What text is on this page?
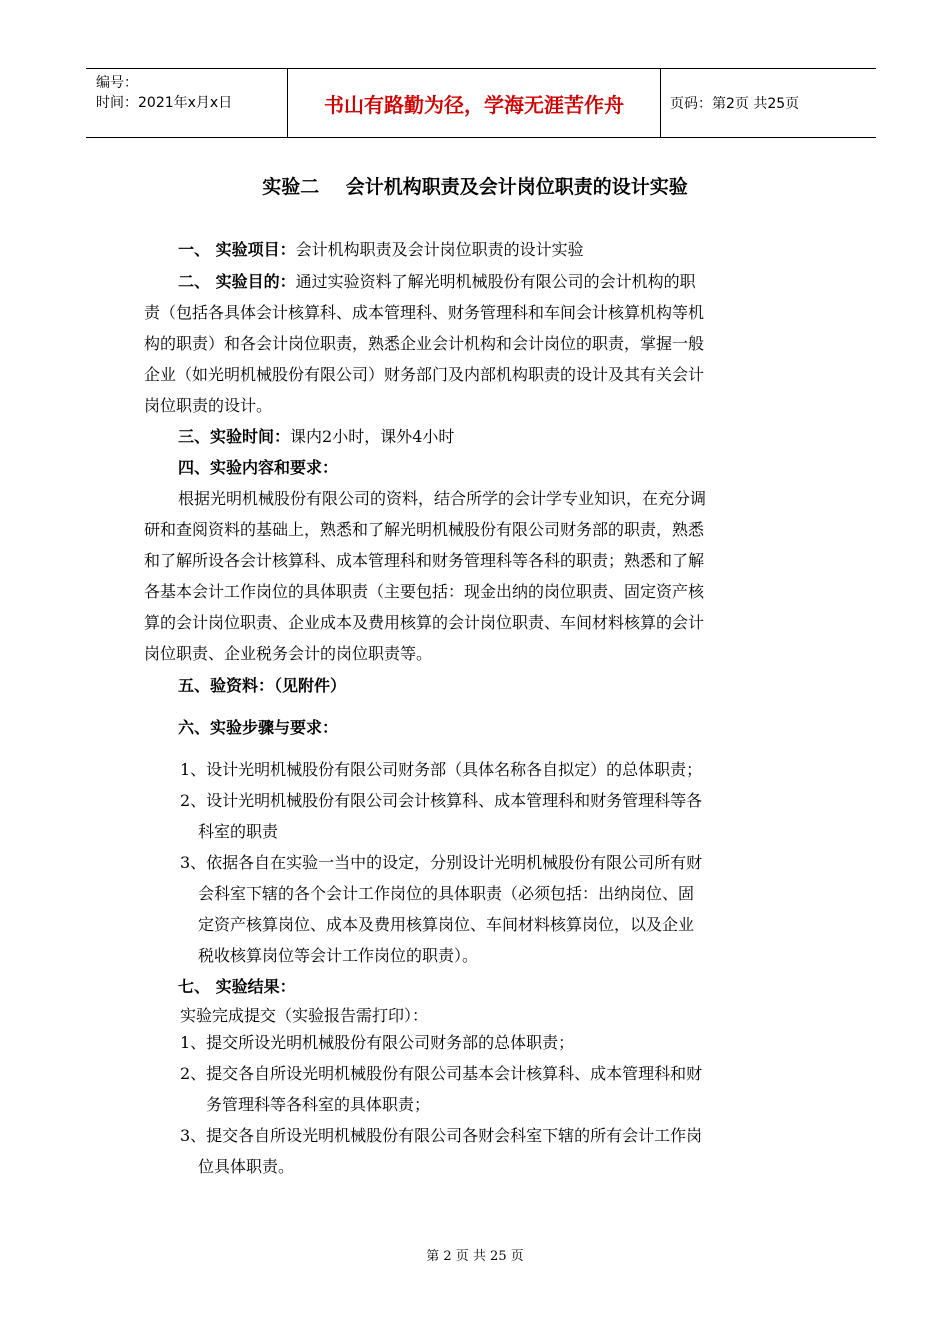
编号：
时间：2021年x月x日	书山有路勤为径，学海无涯苦作舟	页码：第2页 共25页
实验二    会计机构职责及会计岗位职责的设计实验
一、 实验项目：会计机构职责及会计岗位职责的设计实验
二、 实验目的：通过实验资料了解光明机械股份有限公司的会计机构的职
责（包括各具体会计核算科、成本管理科、财务管理科和车间会计核算机构等机
构的职责）和各会计岗位职责，熟悉企业会计机构和会计岗位的职责，掌握一般
企业（如光明机械股份有限公司）财务部门及内部机构职责的设计及其有关会计
岗位职责的设计。
三、实验时间：课内2小时，课外4小时
四、实验内容和要求：
根据光明机械股份有限公司的资料，结合所学的会计学专业知识，在充分调
研和查阅资料的基础上，熟悉和了解光明机械股份有限公司财务部的职责，熟悉
和了解所设各会计核算科、成本管理科和财务管理科等各科的职责；熟悉和了解
各基本会计工作岗位的具体职责（主要包括：现金出纳的岗位职责、固定资产核
算的会计岗位职责、企业成本及费用核算的会计岗位职责、车间材料核算的会计
岗位职责、企业税务会计的岗位职责等。
五、验资料：（见附件）
六、实验步骤与要求：
1、设计光明机械股份有限公司财务部（具体名称各自拟定）的总体职责；
2、设计光明机械股份有限公司会计核算科、成本管理科和财务管理科等各
科室的职责
3、依据各自在实验一当中的设定，分别设计光明机械股份有限公司所有财
会科室下辖的各个会计工作岗位的具体职责（必须包括：出纳岗位、固
定资产核算岗位、成本及费用核算岗位、车间材料核算岗位，以及企业
税收核算岗位等会计工作岗位的职责）。
七、 实验结果：
实验完成提交（实验报告需打印）：
1、提交所设光明机械股份有限公司财务部的总体职责；
2、提交各自所设光明机械股份有限公司基本会计核算科、成本管理科和财
务管理科等各科室的具体职责；
3、提交各自所设光明机械股份有限公司各财会科室下辖的所有会计工作岗
位具体职责。
第 2 页 共 25 页
